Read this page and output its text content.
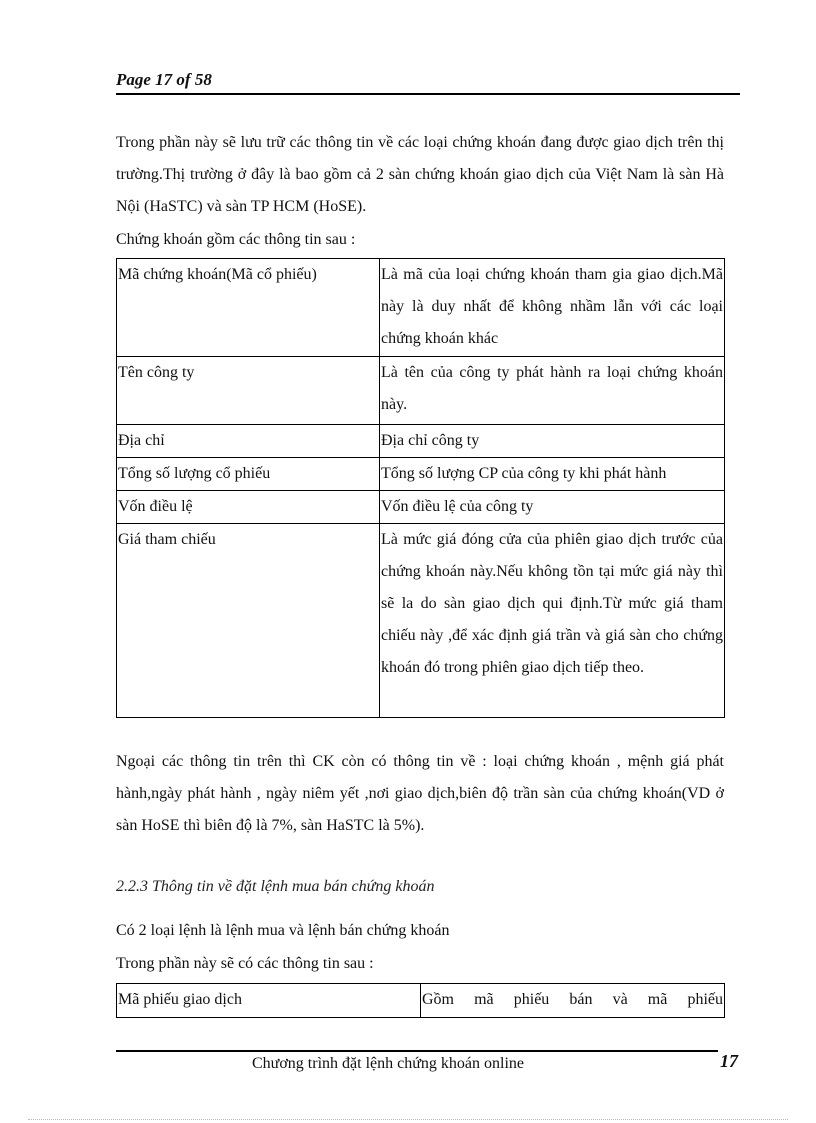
Page 17 of 58

Trong phần này sẽ lưu trữ các thông tin về các loại chứng khoán đang được giao dịch trên thị trường.Thị trường ở đây là bao gồm cả 2 sàn chứng khoán giao dịch của Việt Nam là sàn Hà Nội (HaSTC) và sàn TP HCM (HoSE).

Chứng khoán gồm các thông tin sau :

Mã chứng khoán(Mã cổ phiếu)	Là mã của loại chứng khoán tham gia giao dịch.Mã này là duy nhất để không nhầm lẫn với các loại chứng khoán khác
Tên công ty	Là tên của công ty phát hành ra loại chứng khoán này.
Địa chỉ	Địa chỉ công ty
Tổng số lượng cổ phiếu	Tổng số lượng CP của công ty khi phát hành
Vốn điều lệ	Vốn điều lệ của công ty
Giá tham chiếu	Là mức giá đóng cửa của phiên giao dịch trước của chứng khoán này.Nếu không tồn tại mức giá này thì sẽ la do sàn giao dịch qui định.Từ mức giá tham chiếu này ,để xác định giá trần và giá sàn cho chứng khoán đó trong phiên giao dịch tiếp theo.

Ngoại các thông tin trên thì CK còn có thông tin về : loại chứng khoán , mệnh giá phát hành,ngày phát hành , ngày niêm yết ,nơi giao dịch,biên độ trần sàn của chứng khoán(VD ở sàn HoSE thì biên độ là 7%, sàn HaSTC là 5%).

2.2.3 Thông tin về đặt lệnh mua bán chứng khoán

Có 2 loại lệnh là lệnh mua và lệnh bán chứng khoán

Trong phần này sẽ có các thông tin sau :

Mã phiếu giao dịch	Gồm mã phiếu bán và mã phiếu
Chương trình đặt lệnh chứng khoán online	17
